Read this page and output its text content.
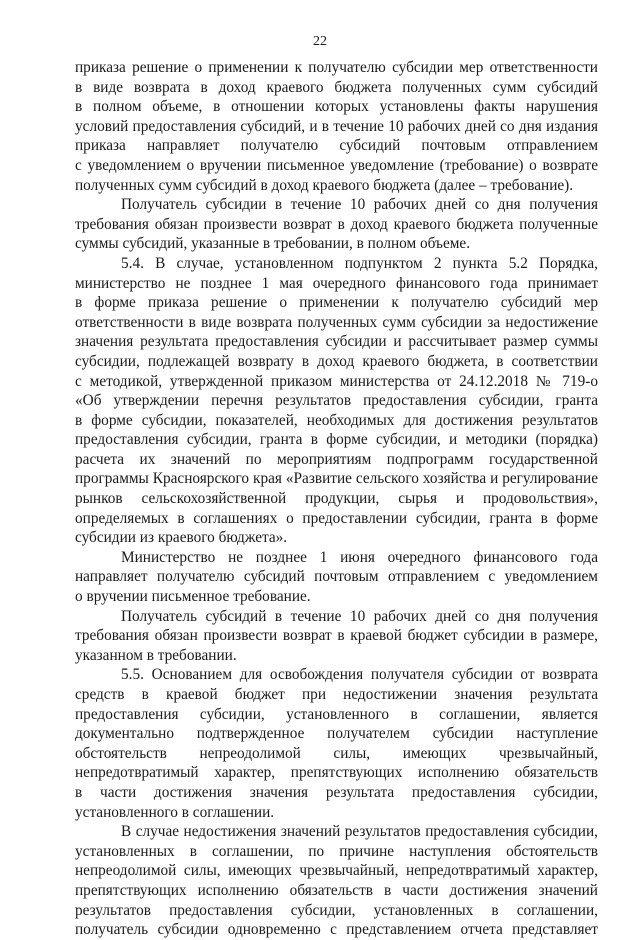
22
приказа решение о применении к получателю субсидии мер ответственности
в виде возврата в доход краевого бюджета полученных сумм субсидий
в полном объеме, в отношении которых установлены факты нарушения
условий предоставления субсидий, и в течение 10 рабочих дней со дня издания
приказа направляет получателю субсидий почтовым отправлением
с уведомлением о вручении письменное уведомление (требование) о возврате
полученных сумм субсидий в доход краевого бюджета (далее – требование).
Получатель субсидии в течение 10 рабочих дней со дня получения
требования обязан произвести возврат в доход краевого бюджета полученные
суммы субсидий, указанные в требовании, в полном объеме.
5.4. В случае, установленном подпунктом 2 пункта 5.2 Порядка,
министерство не позднее 1 мая очередного финансового года принимает
в форме приказа решение о применении к получателю субсидий мер
ответственности в виде возврата полученных сумм субсидии за недостижение
значения результата предоставления субсидии и рассчитывает размер суммы
субсидии, подлежащей возврату в доход краевого бюджета, в соответствии
с методикой, утвержденной приказом министерства от 24.12.2018 № 719-о
«Об утверждении перечня результатов предоставления субсидии, гранта
в форме субсидии, показателей, необходимых для достижения результатов
предоставления субсидии, гранта в форме субсидии, и методики (порядка)
расчета их значений по мероприятиям подпрограмм государственной
программы Красноярского края «Развитие сельского хозяйства и регулирование
рынков сельскохозяйственной продукции, сырья и продовольствия»,
определяемых в соглашениях о предоставлении субсидии, гранта в форме
субсидии из краевого бюджета».
Министерство не позднее 1 июня очередного финансового года
направляет получателю субсидий почтовым отправлением с уведомлением
о вручении письменное требование.
Получатель субсидий в течение 10 рабочих дней со дня получения
требования обязан произвести возврат в краевой бюджет субсидии в размере,
указанном в требовании.
5.5. Основанием для освобождения получателя субсидии от возврата
средств в краевой бюджет при недостижении значения результата
предоставления субсидии, установленного в соглашении, является
документально подтвержденное получателем субсидии наступление
обстоятельств непреодолимой силы, имеющих чрезвычайный,
непредотвратимый характер, препятствующих исполнению обязательств
в части достижения значения результата предоставления субсидии,
установленного в соглашении.
В случае недостижения значений результатов предоставления субсидии,
установленных в соглашении, по причине наступления обстоятельств
непреодолимой силы, имеющих чрезвычайный, непредотвратимый характер,
препятствующих исполнению обязательств в части достижения значений
результатов предоставления субсидии, установленных в соглашении,
получатель субсидии одновременно с представлением отчета представляет
